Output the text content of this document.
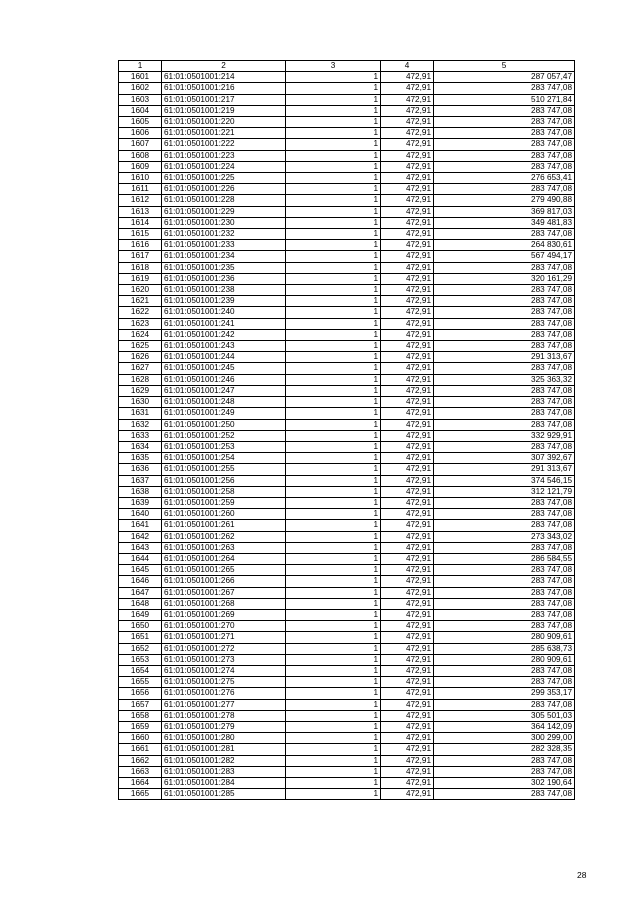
1	2	3	4	5
1601	61:01:0501001:214	1	472,91	287 057,47
1602	61:01:0501001:216	1	472,91	283 747,08
1603	61:01:0501001:217	1	472,91	510 271,84
1604	61:01:0501001:219	1	472,91	283 747,08
1605	61:01:0501001:220	1	472,91	283 747,08
1606	61:01:0501001:221	1	472,91	283 747,08
1607	61:01:0501001:222	1	472,91	283 747,08
1608	61:01:0501001:223	1	472,91	283 747,08
1609	61:01:0501001:224	1	472,91	283 747,08
1610	61:01:0501001:225	1	472,91	276 653,41
1611	61:01:0501001:226	1	472,91	283 747,08
1612	61:01:0501001:228	1	472,91	279 490,88
1613	61:01:0501001:229	1	472,91	369 817,03
1614	61:01:0501001:230	1	472,91	349 481,83
1615	61:01:0501001:232	1	472,91	283 747,08
1616	61:01:0501001:233	1	472,91	264 830,61
1617	61:01:0501001:234	1	472,91	567 494,17
1618	61:01:0501001:235	1	472,91	283 747,08
1619	61:01:0501001:236	1	472,91	320 161,29
1620	61:01:0501001:238	1	472,91	283 747,08
1621	61:01:0501001:239	1	472,91	283 747,08
1622	61:01:0501001:240	1	472,91	283 747,08
1623	61:01:0501001:241	1	472,91	283 747,08
1624	61:01:0501001:242	1	472,91	283 747,08
1625	61:01:0501001:243	1	472,91	283 747,08
1626	61:01:0501001:244	1	472,91	291 313,67
1627	61:01:0501001:245	1	472,91	283 747,08
1628	61:01:0501001:246	1	472,91	325 363,32
1629	61:01:0501001:247	1	472,91	283 747,08
1630	61:01:0501001:248	1	472,91	283 747,08
1631	61:01:0501001:249	1	472,91	283 747,08
1632	61:01:0501001:250	1	472,91	283 747,08
1633	61:01:0501001:252	1	472,91	332 929,91
1634	61:01:0501001:253	1	472,91	283 747,08
1635	61:01:0501001:254	1	472,91	307 392,67
1636	61:01:0501001:255	1	472,91	291 313,67
1637	61:01:0501001:256	1	472,91	374 546,15
1638	61:01:0501001:258	1	472,91	312 121,79
1639	61:01:0501001:259	1	472,91	283 747,08
1640	61:01:0501001:260	1	472,91	283 747,08
1641	61:01:0501001:261	1	472,91	283 747,08
1642	61:01:0501001:262	1	472,91	273 343,02
1643	61:01:0501001:263	1	472,91	283 747,08
1644	61:01:0501001:264	1	472,91	286 584,55
1645	61:01:0501001:265	1	472,91	283 747,08
1646	61:01:0501001:266	1	472,91	283 747,08
1647	61:01:0501001:267	1	472,91	283 747,08
1648	61:01:0501001:268	1	472,91	283 747,08
1649	61:01:0501001:269	1	472,91	283 747,08
1650	61:01:0501001:270	1	472,91	283 747,08
1651	61:01:0501001:271	1	472,91	280 909,61
1652	61:01:0501001:272	1	472,91	285 638,73
1653	61:01:0501001:273	1	472,91	280 909,61
1654	61:01:0501001:274	1	472,91	283 747,08
1655	61:01:0501001:275	1	472,91	283 747,08
1656	61:01:0501001:276	1	472,91	299 353,17
1657	61:01:0501001:277	1	472,91	283 747,08
1658	61:01:0501001:278	1	472,91	305 501,03
1659	61:01:0501001:279	1	472,91	364 142,09
1660	61:01:0501001:280	1	472,91	300 299,00
1661	61:01:0501001:281	1	472,91	282 328,35
1662	61:01:0501001:282	1	472,91	283 747,08
1663	61:01:0501001:283	1	472,91	283 747,08
1664	61:01:0501001:284	1	472,91	302 190,64
1665	61:01:0501001:285	1	472,91	283 747,08
28
